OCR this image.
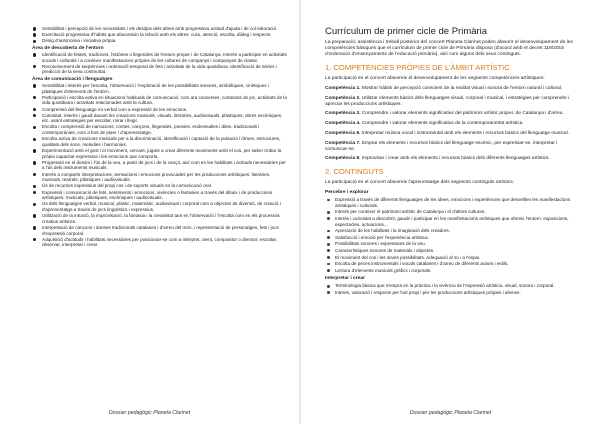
Sensibilitat i percepció de les necessitats i els desitjos dels altres amb progressiva actitud d'ajuda i de col·laboració.
Exercitació progressiva d'hàbits que afavoreixin la relació amb els altres: cura, atenció, escolta, diàleg i respecte.
Desig d'autonomia i iniciativa pròpia.
Àrea de descoberta de l'entorn
Identificació de festes, tradicions, històries o llegendes de l'entorn proper i de Catalunya. Interès a participar en activitats socials i culturals i a conèixer manifestacions pròpies de les cultures de companys i companyes de classe.
Reconeixement de seqüències i ordenació temporal de fets i activitats de la vida quotidiana. Identificació de sèries i predicció de la seva continuïtat.
Àrea de comunicació i llenguatges
Sensibilitat i interès per l'escolta, l'observació i l'exploració de les possibilitats sonores, simbòliques, cinètiques i plàstiques d'elements de l'entorn.
Participació i escolta activa en situacions habituals de comunicació, com ara converses, contextos de joc, activitats de la vida quotidiana i activitats relacionades amb la cultura.
Comprensió del llenguatge no verbal com a expressió de les emocions.
Curiositat, interès i gaudi davant les creacions musicals, visuals, literàries, audiovisuals, plàstiques, obres escèniques, etc. usant estratègies per escoltar, mirar i llegir.
Escolta i comprensió de narracions, contes, cançons, llegendes, poesies, endevinalles i dites, tradicionals i contemporànies, com a font de plaer i d'aprenentatge.
Escolta activa de creacions musicals per a la discriminació, identificació i captació de la pulsació i ritmes, estructures, qualitats dels sons, melodies i harmonies.
Experimentació amb el gest i el moviment, cercant, jugant a crear diferents moviments amb el cos, per saber trobar la pròpia capacitat expressiva i les emocions que comporta.
Progressió en el domini i l'ús de la veu, a partir de jocs i de la cançó, així com en les habilitats i actituds necessàries per a l'ús dels instruments musicals.
Interès a compartir interpretacions, sensacions i emocions provocades per les produccions artístiques: literàries, musicals, teatrals, plàstiques i audiovisuals.
Ús de recursos expressius del propi cos i de suports visuals en la comunicació oral.
Expressió i comunicació de fets, sentiments i emocions, vivències o fantasies a través del dibuix i de produccions artístiques: musicals, plàstiques, escèniques i audiovisuals.
Ús dels llenguatges verbal, musical, plàstic, matemàtic, audiovisual i corporal com a objectes de diversió, de creació i d'aprenentatge a través de jocs lingüístics i expressius.
Utilització de la intuïció, la improvisació, la fantasia i la creativitat tant en l'observació i l'escolta com en els processos creatius artístics.
Interpretació de cançons i danses tradicionals catalanes i d'arreu del món, i representació de personatges, fets i jocs d'expressió corporal.
Adquisició d'actituds i habilitats necessàries per posicionar-se com a intèrpret, oient, compositor o director: escoltar, observar, interpretar i crear.
Dossier pedagògic Planeta Clarinet
Currículum de primer cicle de Primària

La preparació, assistència i treball posterior del concert Planeta Clarinet poden afavorir el desenvolupament de les competències bàsiques que el currículum de primer cicle de Primària disposa (d'acord amb el decret 119/2015 d'ordenació d'ensenyaments de l'educació primària), així com alguns dels seus continguts.

1. COMPETÈNCIES PRÒPIES DE L'ÀMBIT ARTÍSTIC

La participació en el concert afavoreix el desenvolupament de les següents competències artístiques:

Competència 1. Mostrar hàbits de percepció conscient de la realitat visual i sonora de l'entorn natural i cultural.
Competència 2. Utilitzar elements bàsics dels llenguatges visual, corporal i musical, i estratègies per comprendre i apreciar les produccions artístiques.
Competència 3. Comprendre i valorar elements significatius del patrimoni artístic proper, de Catalunya i d'arreu.
Competència 4. Comprendre i valorar elements significatius de la contemporaneïtat artística.
Competència 6. Interpretar música vocal i instrumental amb els elements i recursos bàsics del llenguatge musical.
Competència 7. Emprar els elements i recursos bàsics del llenguatge escènic, per expressar-se, interpretar i comunicar-se.
Competència 8. Improvisar i crear amb els elements i recursos bàsics dels diferents llenguatges artístics.
2. CONTINGUTS

La participació en el concert afavoreix l'aprenentatge dels següents continguts artístics:

Percebre i explorar
Expressió a través de diferents llenguatges de les idees, emocions i experiències que desvetllen les manifestacions artístiques i culturals.
Interès per conèixer el patrimoni artístic de Catalunya i el d'altres cultures.
Interès i curiositat a descobrir, gaudir i participar en les manifestacions artístiques que ofereix l'entorn: exposicions, espectacles, actuacions...
Apreciació de les habilitats i la imaginació dels creadors.
Satisfacció i emoció per l'experiència artística.
Possibilitats sonores i expressives de la veu.
Característiques sonores de materials i objectes.
El moviment del cos i les seves possibilitats. Adequació al so i a l'espai.
Escolta de peces instrumentals i vocals catalanes i d'arreu de diferents autors i estils.
Lectura d'elements musicals gràfics i corporals.
Interpretar i crear
Terminologia bàsica que s'empra en la pràctica i la vivència de l'expressió artística, visual, sonora i corporal.
Interès, valoració i respecte per l'art propi i per les produccions artístiques pròpies i alienes.
Dossier pedagògic Planeta Clarinet
